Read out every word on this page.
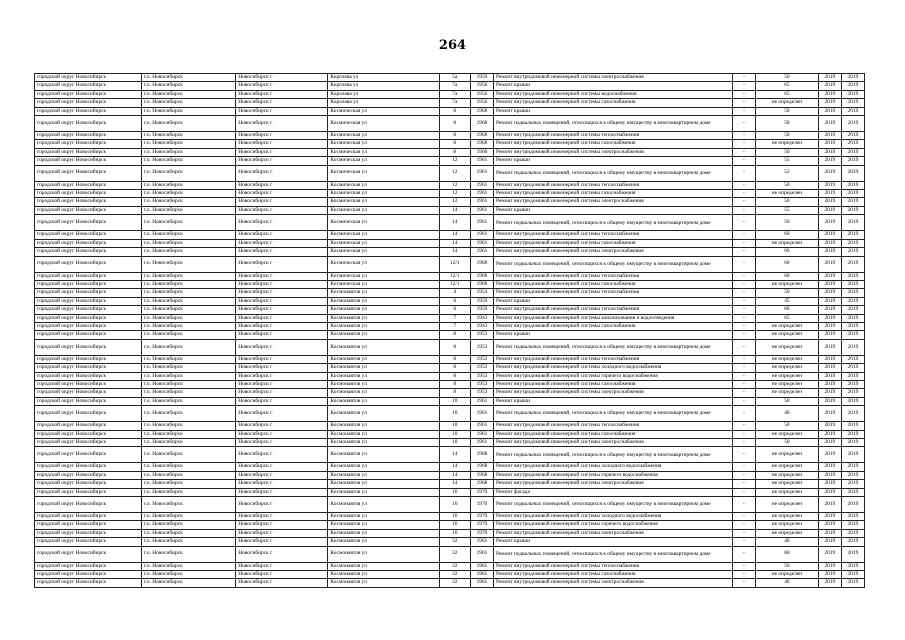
264
городской округ Новосибирск	г.о. Новосибирск	Новосибирск г	Королева ул	5а	1959	Ремонт внутридомовой инженерной системы электроснабжения	-	50	2019	2019
городской округ Новосибирск	г.о. Новосибирск	Новосибирск г	Королева ул	7а	1956	Ремонт крыши	-	65	2019	2019
городской округ Новосибирск	г.о. Новосибирск	Новосибирск г	Королева ул	7а	1956	Ремонт внутридомовой инженерной системы водоснабжения	-	65	2019	2019
городской округ Новосибирск	г.о. Новосибирск	Новосибирск г	Королева ул	7а	1956	Ремонт внутридомовой инженерной системы газоснабжения	-	не определен	2019	2019
городской округ Новосибирск	г.о. Новосибирск	Новосибирск г	Космическая ул	8	1960	Ремонт крыши	-	50	2019	2019
городской округ Новосибирск	г.о. Новосибирск	Новосибирск г	Космическая ул	8	1960	Ремонт подвальных помещений, относящихся к общему имуществу в многоквартирном доме	-	58	2019	2019
городской округ Новосибирск	г.о. Новосибирск	Новосибирск г	Космическая ул	8	1960	Ремонт внутридомовой инженерной системы теплоснабжения	-	50	2019	2019
городской округ Новосибирск	г.о. Новосибирск	Новосибирск г	Космическая ул	8	1960	Ремонт внутридомовой инженерной системы газоснабжения	-	не определен	2019	2019
городской округ Новосибирск	г.о. Новосибирск	Новосибирск г	Космическая ул	8	1960	Ремонт внутридомовой инженерной системы электроснабжения	-	50	2019	2019
городской округ Новосибирск	г.о. Новосибирск	Новосибирск г	Космическая ул	12	1961	Ремонт крыши	-	55	2019	2019
городской округ Новосибирск	г.о. Новосибирск	Новосибирск г	Космическая ул	12	1961	Ремонт подвальных помещений, относящихся к общему имуществу в многоквартирном доме	-	52	2019	2019
городской округ Новосибирск	г.о. Новосибирск	Новосибирск г	Космическая ул	12	1961	Ремонт внутридомовой инженерной системы теплоснабжения	-	50	2019	2019
городской округ Новосибирск	г.о. Новосибирск	Новосибирск г	Космическая ул	12	1961	Ремонт внутридомовой инженерной системы газоснабжения	-	не определен	2019	2019
городской округ Новосибирск	г.о. Новосибирск	Новосибирск г	Космическая ул	12	1961	Ремонт внутридомовой инженерной системы электроснабжения	-	50	2019	2019
городской округ Новосибирск	г.о. Новосибирск	Новосибирск г	Космическая ул	14	1961	Ремонт крыши	-	55	2019	2019
городской округ Новосибирск	г.о. Новосибирск	Новосибирск г	Космическая ул	14	1961	Ремонт подвальных помещений, относящихся к общему имуществу в многоквартирном доме	-	50	2019	2019
городской округ Новосибирск	г.о. Новосибирск	Новосибирск г	Космическая ул	14	1961	Ремонт внутридомовой инженерной системы теплоснабжения	-	60	2019	2019
городской округ Новосибирск	г.о. Новосибирск	Новосибирск г	Космическая ул	14	1961	Ремонт внутридомовой инженерной системы газоснабжения	-	не определен	2019	2019
городской округ Новосибирск	г.о. Новосибирск	Новосибирск г	Космическая ул	14	1961	Ремонт внутридомовой инженерной системы электроснабжения	-	60	2019	2019
городской округ Новосибирск	г.о. Новосибирск	Новосибирск г	Космическая ул	12/1	1960	Ремонт подвальных помещений, относящихся к общему имуществу в многоквартирном доме	-	60	2019	2019
городской округ Новосибирск	г.о. Новосибирск	Новосибирск г	Космическая ул	12/1	1960	Ремонт внутридомовой инженерной системы теплоснабжения	-	60	2019	2019
городской округ Новосибирск	г.о. Новосибирск	Новосибирск г	Космическая ул	12/1	1960	Ремонт внутридомовой инженерной системы газоснабжения	-	не определен	2019	2019
городской округ Новосибирск	г.о. Новосибирск	Новосибирск г	Космонавтов ул	4	1954	Ремонт внутридомовой инженерной системы теплоснабжения	-	50	2019	2019
городской округ Новосибирск	г.о. Новосибирск	Новосибирск г	Космонавтов ул	6	1959	Ремонт крыши	-	45	2019	2019
городской округ Новосибирск	г.о. Новосибирск	Новосибирск г	Космонавтов ул	6	1959	Ремонт внутридомовой инженерной системы теплоснабжения	-	60	2019	2019
городской округ Новосибирск	г.о. Новосибирск	Новосибирск г	Космонавтов ул	7	1943	Ремонт внутридомовой инженерной системы канализования и водоотведения	-	65	2019	2019
городской округ Новосибирск	г.о. Новосибирск	Новосибирск г	Космонавтов ул	7	1943	Ремонт внутридомовой инженерной системы газоснабжения	-	не определен	2019	2019
городской округ Новосибирск	г.о. Новосибирск	Новосибирск г	Космонавтов ул	8	1953	Ремонт крыши	-	не определен	2019	2019
городской округ Новосибирск	г.о. Новосибирск	Новосибирск г	Космонавтов ул	8	1953	Ремонт подвальных помещений, относящихся к общему имуществу в многоквартирном доме	-	не определен	2019	2019
городской округ Новосибирск	г.о. Новосибирск	Новосибирск г	Космонавтов ул	8	1953	Ремонт внутридомовой инженерной системы теплоснабжения	-	не определен	2019	2019
городской округ Новосибирск	г.о. Новосибирск	Новосибирск г	Космонавтов ул	8	1953	Ремонт внутридомовой инженерной системы холодного водоснабжения	-	не определен	2019	2019
городской округ Новосибирск	г.о. Новосибирск	Новосибирск г	Космонавтов ул	8	1953	Ремонт внутридомовой инженерной системы горячего водоснабжения	-	не определен	2019	2019
городской округ Новосибирск	г.о. Новосибирск	Новосибирск г	Космонавтов ул	8	1953	Ремонт внутридомовой инженерной системы газоснабжения	-	не определен	2019	2019
городской округ Новосибирск	г.о. Новосибирск	Новосибирск г	Космонавтов ул	8	1953	Ремонт внутридомовой инженерной системы электроснабжения	-	не определен	2019	2019
городской округ Новосибирск	г.о. Новосибирск	Новосибирск г	Космонавтов ул	10	1961	Ремонт крыши	-	50	2019	2019
городской округ Новосибирск	г.о. Новосибирск	Новосибирск г	Космонавтов ул	10	1961	Ремонт подвальных помещений, относящихся к общему имуществу в многоквартирном доме	-	46	2019	2019
городской округ Новосибирск	г.о. Новосибирск	Новосибирск г	Космонавтов ул	10	1961	Ремонт внутридомовой инженерной системы теплоснабжения	-	50	2019	2019
городской округ Новосибирск	г.о. Новосибирск	Новосибирск г	Космонавтов ул	10	1961	Ремонт внутридомовой инженерной системы газоснабжения	-	не определен	2019	2019
городской округ Новосибирск	г.о. Новосибирск	Новосибирск г	Космонавтов ул	10	1961	Ремонт внутридомовой инженерной системы электроснабжения	-	50	2019	2019
городской округ Новосибирск	г.о. Новосибирск	Новосибирск г	Космонавтов ул	14	1968	Ремонт подвальных помещений, относящихся к общему имуществу в многоквартирном доме	-	не определен	2019	2019
городской округ Новосибирск	г.о. Новосибирск	Новосибирск г	Космонавтов ул	14	1968	Ремонт внутридомовой инженерной системы холодного водоснабжения	-	не определен	2019	2019
городской округ Новосибирск	г.о. Новосибирск	Новосибирск г	Космонавтов ул	14	1968	Ремонт внутридомовой инженерной системы горячего водоснабжения	-	не определен	2019	2019
городской округ Новосибирск	г.о. Новосибирск	Новосибирск г	Космонавтов ул	14	1968	Ремонт внутридомовой инженерной системы электроснабжения	-	не определен	2019	2019
городской округ Новосибирск	г.о. Новосибирск	Новосибирск г	Космонавтов ул	16	1970	Ремонт фасада	-	не определен	2019	2019
городской округ Новосибирск	г.о. Новосибирск	Новосибирск г	Космонавтов ул	16	1970	Ремонт подвальных помещений, относящихся к общему имуществу в многоквартирном доме	-	не определен	2019	2019
городской округ Новосибирск	г.о. Новосибирск	Новосибирск г	Космонавтов ул	16	1970	Ремонт внутридомовой инженерной системы холодного водоснабжения	-	не определен	2019	2019
городской округ Новосибирск	г.о. Новосибирск	Новосибирск г	Космонавтов ул	16	1970	Ремонт внутридомовой инженерной системы горячего водоснабжения	-	не определен	2019	2019
городской округ Новосибирск	г.о. Новосибирск	Новосибирск г	Космонавтов ул	16	1970	Ремонт внутридомовой инженерной системы электроснабжения	-	не определен	2019	2019
городской округ Новосибирск	г.о. Новосибирск	Новосибирск г	Космонавтов ул	32	1961	Ремонт крыши	-	40	2019	2019
городской округ Новосибирск	г.о. Новосибирск	Новосибирск г	Космонавтов ул	32	1961	Ремонт подвальных помещений, относящихся к общему имуществу в многоквартирном доме	-	60	2019	2019
городской округ Новосибирск	г.о. Новосибирск	Новосибирск г	Космонавтов ул	32	1961	Ремонт внутридомовой инженерной системы теплоснабжения	-	50	2019	2019
городской округ Новосибирск	г.о. Новосибирск	Новосибирск г	Космонавтов ул	32	1961	Ремонт внутридомовой инженерной системы газоснабжения	-	не определен	2019	2019
городской округ Новосибирск	г.о. Новосибирск	Новосибирск г	Космонавтов ул	32	1961	Ремонт внутридомовой инженерной системы электроснабжения	-	40	2019	2019
